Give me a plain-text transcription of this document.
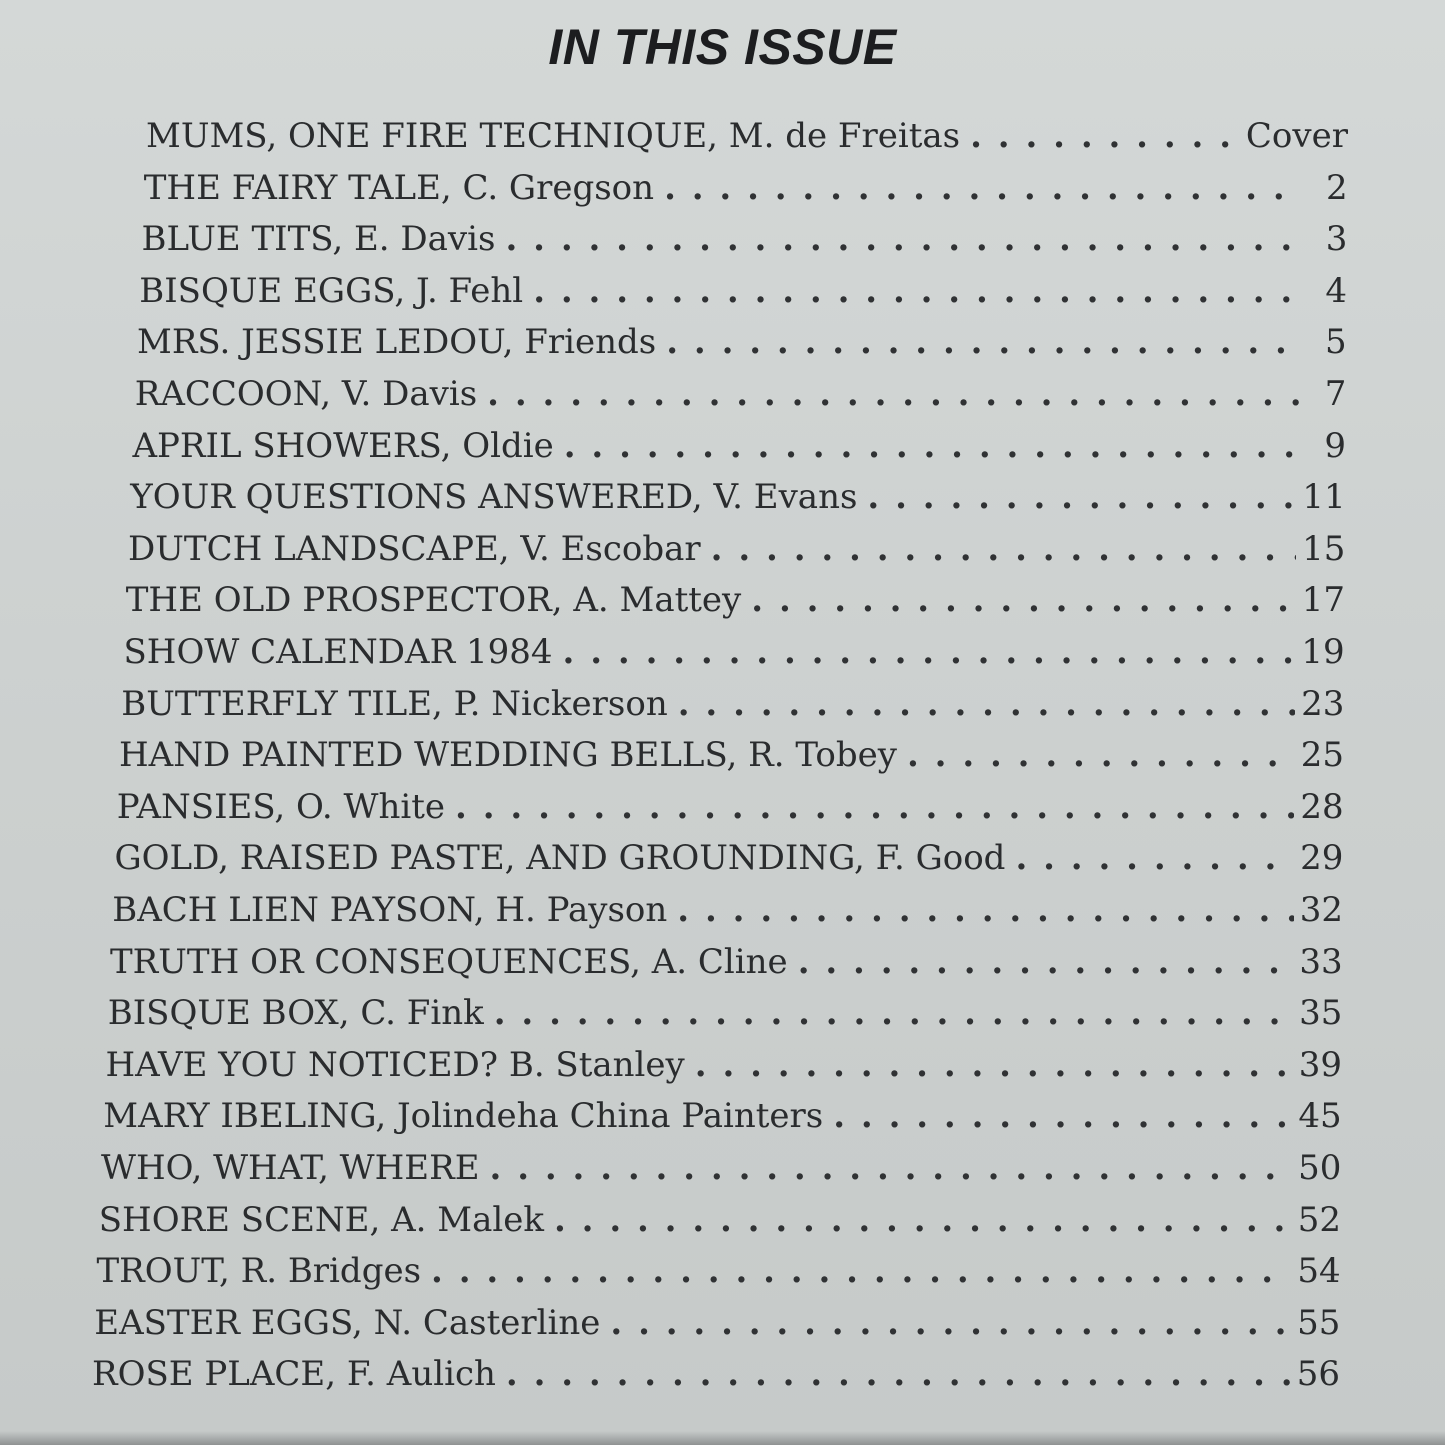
IN THIS ISSUE
MUMS, ONE FIRE TECHNIQUE, M. de Freitas . . .	Cover
THE FAIRY TALE, C. Gregson . . .	2
BLUE TITS, E. Davis . . .	3
BISQUE EGGS, J. Fehl . . .	4
MRS. JESSIE LEDOU, Friends . . .	5
RACCOON, V. Davis . . .	7
APRIL SHOWERS, Oldie . . .	9
YOUR QUESTIONS ANSWERED, V. Evans . . .	11
DUTCH LANDSCAPE, V. Escobar . . .	15
THE OLD PROSPECTOR, A. Mattey . . .	17
SHOW CALENDAR 1984 . . .	19
BUTTERFLY TILE, P. Nickerson . . .	23
HAND PAINTED WEDDING BELLS, R. Tobey . . .	25
PANSIES, O. White . . .	28
GOLD, RAISED PASTE, AND GROUNDING, F. Good . . .	29
BACH LIEN PAYSON, H. Payson . . .	32
TRUTH OR CONSEQUENCES, A. Cline . . .	33
BISQUE BOX, C. Fink . . .	35
HAVE YOU NOTICED? B. Stanley . . .	39
MARY IBELING, Jolindeha China Painters . . .	45
WHO, WHAT, WHERE . . .	50
SHORE SCENE, A. Malek . . .	52
TROUT, R. Bridges . . .	54
EASTER EGGS, N. Casterline . . .	55
ROSE PLACE, F. Aulich . . .	56
